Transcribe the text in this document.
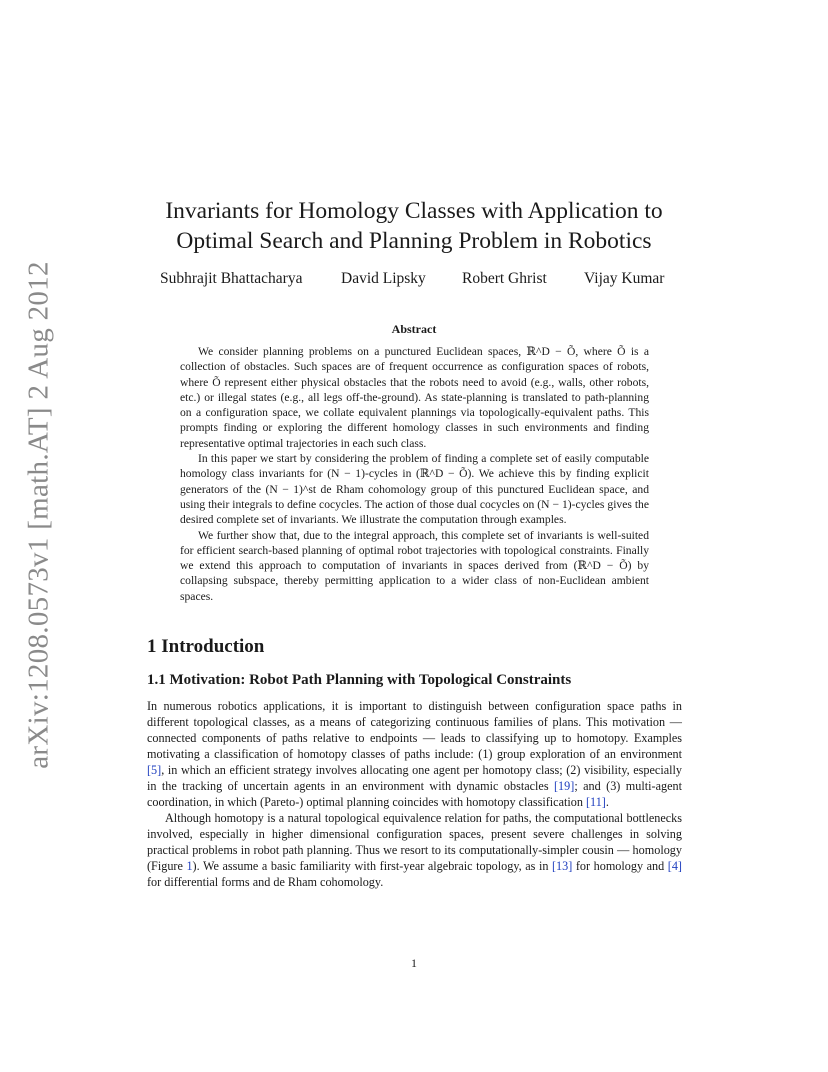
arXiv:1208.0573v1 [math.AT] 2 Aug 2012
Invariants for Homology Classes with Application to
Optimal Search and Planning Problem in Robotics
Subhrajit Bhattacharya David Lipsky Robert Ghrist Vijay Kumar
Abstract

We consider planning problems on a punctured Euclidean spaces, ℝ^D − Õ, where Õ is a collection of obstacles. Such spaces are of frequent occurrence as configuration spaces of robots, where Õ represent either physical obstacles that the robots need to avoid (e.g., walls, other robots, etc.) or illegal states (e.g., all legs off-the-ground). As state-planning is translated to path-planning on a configuration space, we collate equivalent plannings via topologically-equivalent paths. This prompts finding or exploring the different homology classes in such environments and finding representative optimal trajectories in each such class.

In this paper we start by considering the problem of finding a complete set of easily computable homology class invariants for (N − 1)-cycles in (ℝ^D − Õ). We achieve this by finding explicit generators of the (N − 1)^st de Rham cohomology group of this punctured Euclidean space, and using their integrals to define cocycles. The action of those dual cocycles on (N − 1)-cycles gives the desired complete set of invariants. We illustrate the computation through examples.

We further show that, due to the integral approach, this complete set of invariants is well-suited for efficient search-based planning of optimal robot trajectories with topological constraints. Finally we extend this approach to computation of invariants in spaces derived from (ℝ^D − Õ) by collapsing subspace, thereby permitting application to a wider class of non-Euclidean ambient spaces.

1 Introduction
1.1 Motivation: Robot Path Planning with Topological Constraints

In numerous robotics applications, it is important to distinguish between configuration space paths in different topological classes, as a means of categorizing continuous families of plans. This motivation — connected components of paths relative to endpoints — leads to classifying up to homotopy. Examples motivating a classification of homotopy classes of paths include: (1) group exploration of an environment [5], in which an efficient strategy involves allocating one agent per homotopy class; (2) visibility, especially in the tracking of uncertain agents in an environment with dynamic obstacles [19]; and (3) multi-agent coordination, in which (Pareto-) optimal planning coincides with homotopy classification [11].

Although homotopy is a natural topological equivalence relation for paths, the computational bottlenecks involved, especially in higher dimensional configuration spaces, present severe challenges in solving practical problems in robot path planning. Thus we resort to its computationally-simpler cousin — homology (Figure 1). We assume a basic familiarity with first-year algebraic topology, as in [13] for homology and [4] for differential forms and de Rham cohomology.

1
